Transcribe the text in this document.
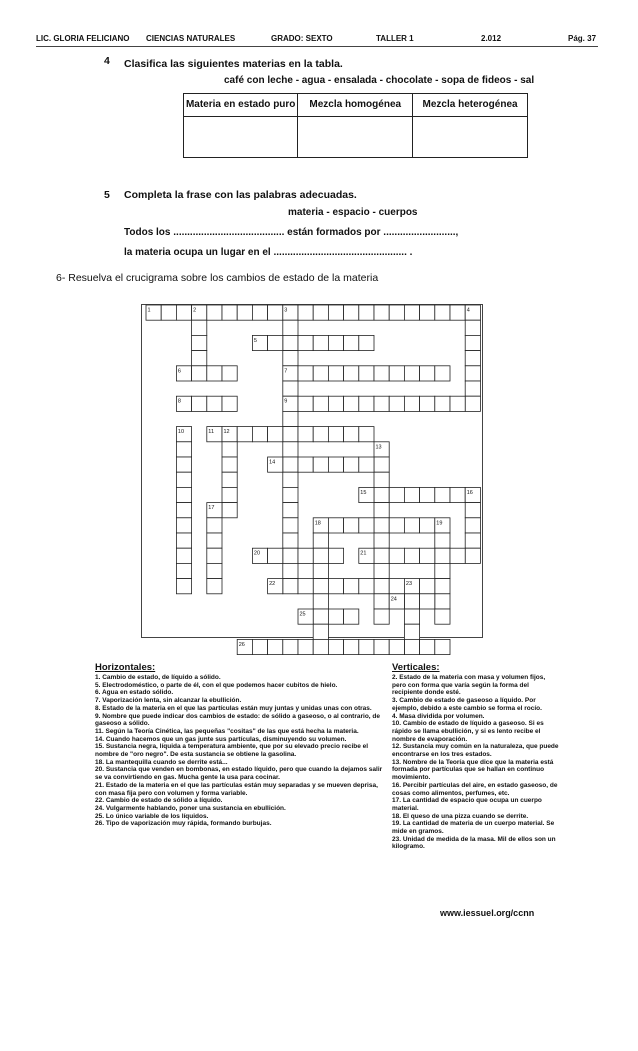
LIC. GLORIA FELICIANO CIENCIAS NATURALES	GRADO: SEXTO	TALLER 1	2.012	Pág. 37
4 Clasifica las siguientes materias en la tabla.
café con leche - agua - ensalada - chocolate - sopa de fideos - sal
Materia en estado puro	Mezcla homogénea	Mezcla heterogénea

5 Completa la frase con las palabras adecuadas.
materia - espacio - cuerpos
Todos los ........................................ están formados por ..........................,
la materia ocupa un lugar en el ................................................ .
6- Resuelva el crucigrama sobre los cambios de estado de la materia
1	2	3	4
5
6	7
8	9
10	11 12
13
14
15	16
17
18	19
20	21
22	23
24
25
26
Horizontales:
1. Cambio de estado, de líquido a sólido.
5. Electrodoméstico, o parte de él, con el que podemos hacer cubitos de hielo.
6. Agua en estado sólido.
7. Vaporización lenta, sin alcanzar la ebullición.
8. Estado de la materia en el que las partículas están muy juntas y unidas unas con otras.
9. Nombre que puede indicar dos cambios de estado: de sólido a gaseoso, o al contrario, de gaseoso a sólido.
11. Según la Teoría Cinética, las pequeñas "cositas" de las que está hecha la materia.
14. Cuando hacemos que un gas junte sus partículas, disminuyendo su volumen.
15. Sustancia negra, líquida a temperatura ambiente, que por su elevado precio recibe el nombre de "oro negro". De esta sustancia se obtiene la gasolina.
18. La mantequilla cuando se derrite está...
20. Sustancia que venden en bombonas, en estado líquido, pero que cuando la dejamos salir se va convirtiendo en gas. Mucha gente la usa para cocinar.
21. Estado de la materia en el que las partículas están muy separadas y se mueven deprisa, con masa fija pero con volumen y forma variable.
22. Cambio de estado de sólido a líquido.
24. Vulgarmente hablando, poner una sustancia en ebullición.
25. Lo único variable de los líquidos.
26. Tipo de vaporización muy rápida, formando burbujas.
Verticales:
2. Estado de la materia con masa y volumen fijos, pero con forma que varía según la forma del recipiente donde esté.
3. Cambio de estado de gaseoso a líquido. Por ejemplo, debido a este cambio se forma el rocío.
4. Masa dividida por volumen.
10. Cambio de estado de líquido a gaseoso. Si es rápido se llama ebullición, y si es lento recibe el nombre de evaporación.
12. Sustancia muy común en la naturaleza, que puede encontrarse en los tres estados.
13. Nombre de la Teoría que dice que la materia está formada por partículas que se hallan en continuo movimiento.
16. Percibir partículas del aire, en estado gaseoso, de cosas como alimentos, perfumes, etc.
17. La cantidad de espacio que ocupa un cuerpo material.
18. El queso de una pizza cuando se derrite.
19. La cantidad de materia de un cuerpo material. Se mide en gramos.
23. Unidad de medida de la masa. Mil de ellos son un kilogramo.
www.iessuel.org/ccnn
